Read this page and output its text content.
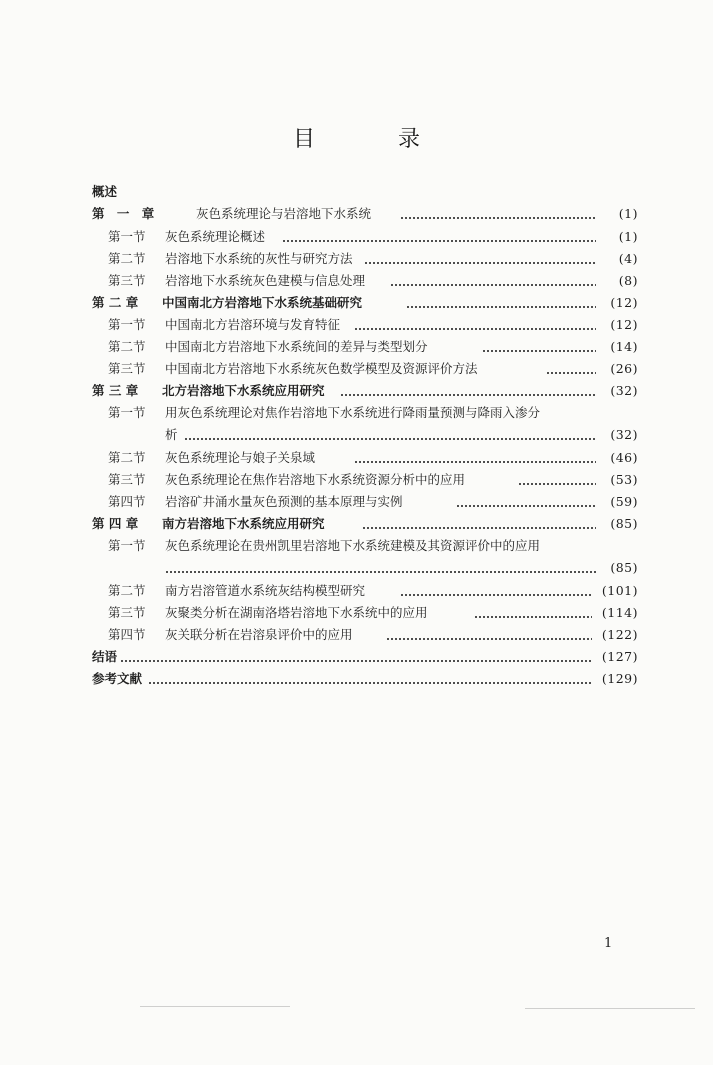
目 录
概述
第 一 章	灰色系统理论与岩溶地下水系统	(1)
第一节 灰色系统理论概述	(1)
第二节 岩溶地下水系统的灰性与研究方法	(4)
第三节 岩溶地下水系统灰色建模与信息处理	(8)
第 二 章 中国南北方岩溶地下水系统基础研究	(12)
第一节 中国南北方岩溶环境与发育特征	(12)
第二节 中国南北方岩溶地下水系统间的差异与类型划分	(14)
第三节 中国南北方岩溶地下水系统灰色数学模型及资源评价方法	(26)
第 三 章 北方岩溶地下水系统应用研究	(32)
第一节 用灰色系统理论对焦作岩溶地下水系统进行降雨量预测与降雨入渗分
析	(32)
第二节 灰色系统理论与娘子关泉域	(46)
第三节 灰色系统理论在焦作岩溶地下水系统资源分析中的应用	(53)
第四节 岩溶矿井涌水量灰色预测的基本原理与实例	(59)
第 四 章 南方岩溶地下水系统应用研究	(85)
第一节 灰色系统理论在贵州凯里岩溶地下水系统建模及其资源评价中的应用
(85)
第二节 南方岩溶管道水系统灰结构模型研究	(101)
第三节 灰聚类分析在湖南洛塔岩溶地下水系统中的应用	(114)
第四节 灰关联分析在岩溶泉评价中的应用	(122)
结语	(127)
参考文献	(129)
1
